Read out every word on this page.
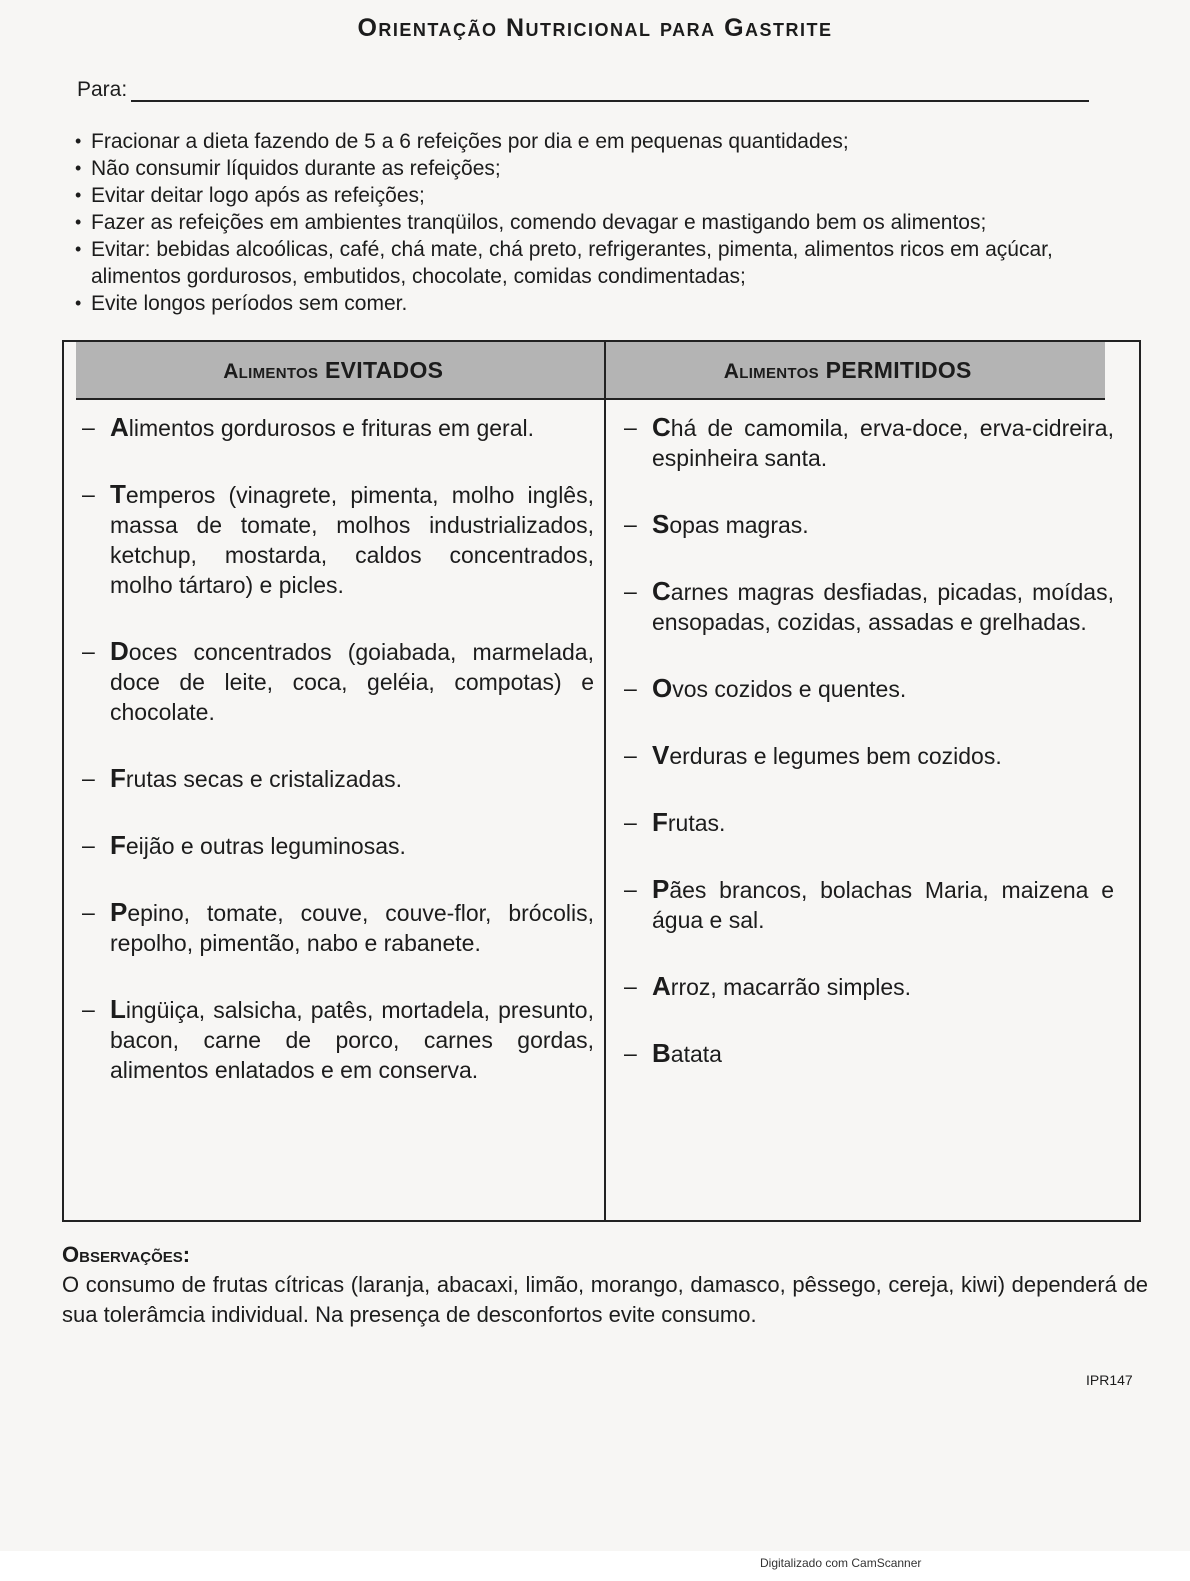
Orientação Nutricional para Gastrite
Para:
• Fracionar a dieta fazendo de 5 a 6 refeições por dia e em pequenas quantidades;
• Não consumir líquidos durante as refeições;
• Evitar deitar logo após as refeições;
• Fazer as refeições em ambientes tranqüilos, comendo devagar e mastigando bem os alimentos;
• Evitar: bebidas alcoólicas, café, chá mate, chá preto, refrigerantes, pimenta, alimentos ricos em açúcar, alimentos gordurosos, embutidos, chocolate, comidas condimentadas;
• Evite longos períodos sem comer.
Alimentos EVITADOS	Alimentos PERMITIDOS
– Alimentos gordurosos e frituras em geral.
– Temperos (vinagrete, pimenta, molho inglês, massa de tomate, molhos industrializados, ketchup, mostarda, caldos concentrados, molho tártaro) e picles.
– Doces concentrados (goiabada, marmelada, doce de leite, coca, geléia, compotas) e chocolate.
– Frutas secas e cristalizadas.
– Feijão e outras leguminosas.
– Pepino, tomate, couve, couve-flor, brócolis, repolho, pimentão, nabo e rabanete.
– Lingüiça, salsicha, patês, mortadela, presunto, bacon, carne de porco, carnes gordas, alimentos enlatados e em conserva.
– Chá de camomila, erva-doce, erva-cidreira, espinheira santa.
– Sopas magras.
– Carnes magras desfiadas, picadas, moídas, ensopadas, cozidas, assadas e grelhadas.
– Ovos cozidos e quentes.
– Verduras e legumes bem cozidos.
– Frutas.
– Pães brancos, bolachas Maria, maizena e água e sal.
– Arroz, macarrão simples.
– Batata
Observações:
O consumo de frutas cítricas (laranja, abacaxi, limão, morango, damasco, pêssego, cereja, kiwi) dependerá de sua tolerâmcia individual. Na presença de desconfortos evite consumo.
IPR147
Digitalizado com CamScanner
